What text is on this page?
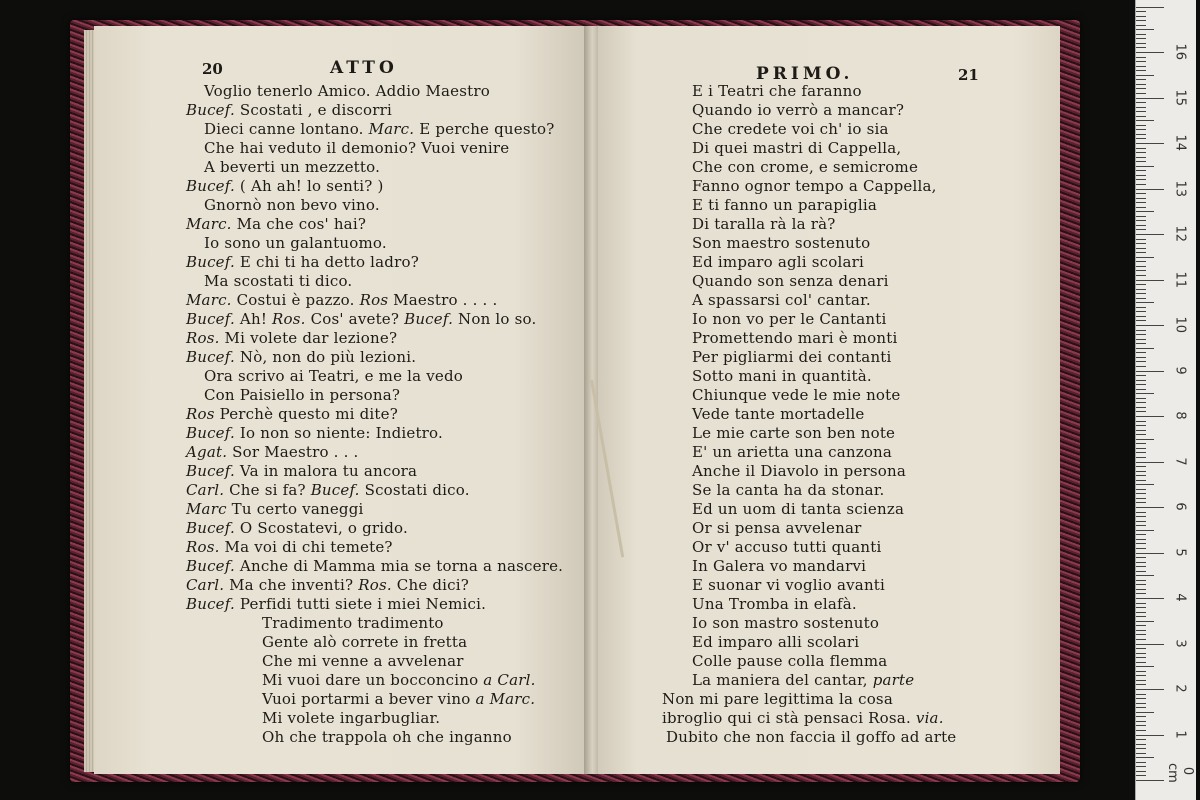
20	ATTO
Voglio tenerlo Amico. Addio Maestro
Bucef. Scostati , e discorri
Dieci canne lontano. Marc. E perche questo?
Che hai veduto il demonio? Vuoi venire
A beverti un mezzetto.
Bucef. ( Ah ah! lo senti? )
Gnornò non bevo vino.
Marc. Ma che cos' hai?
Io sono un galantuomo.
Bucef. E chi ti ha detto ladro?
Ma scostati ti dico.
Marc. Costui è pazzo. Ros Maestro . . . .
Bucef. Ah! Ros. Cos' avete? Bucef. Non lo so.
Ros. Mi volete dar lezione?
Bucef. Nò, non do più lezioni.
Ora scrivo ai Teatri, e me la vedo
Con Paisiello in persona?
Ros Perchè questo mi dite?
Bucef. Io non so niente: Indietro.
Agat. Sor Maestro . . .
Bucef. Va in malora tu ancora
Carl. Che si fa? Bucef. Scostati dico.
Marc Tu certo vaneggi
Bucef. O Scostatevi, o grido.
Ros. Ma voi di chi temete?
Bucef. Anche di Mamma mia se torna a nascere.
Carl. Ma che inventi? Ros. Che dici?
Bucef. Perfidi tutti siete i miei Nemici.
Tradimento tradimento
Gente alò correte in fretta
Che mi venne a avvelenar
Mi vuoi dare un bocconcino a Carl.
Vuoi portarmi a bever vino a Marc.
Mi volete ingarbugliar.
Oh che trappola oh che inganno
PRIMO.	21
E i Teatri che faranno
Quando io verrò a mancar?
Che credete voi ch' io sia
Di quei mastri di Cappella,
Che con crome, e semicrome
Fanno ognor tempo a Cappella,
E ti fanno un parapiglia
Di taralla rà la rà?
Son maestro sostenuto
Ed imparo agli scolari
Quando son senza denari
A spassarsi col' cantar.
Io non vo per le Cantanti
Promettendo mari è monti
Per pigliarmi dei contanti
Sotto mani in quantità.
Chiunque vede le mie note
Vede tante mortadelle
Le mie carte son ben note
E' un arietta una canzona
Anche il Diavolo in persona
Se la canta ha da stonar.
Ed un uom di tanta scienza
Or si pensa avvelenar
Or v' accuso tutti quanti
In Galera vo mandarvi
E suonar vi voglio avanti
Una Tromba in elafà.
Io son mastro sostenuto
Ed imparo alli scolari
Colle pause colla flemma
La maniera del cantar, parte
Non mi pare legittima la cosa
ibroglio qui ci stà pensaci Rosa. via.
Dubito che non faccia il goffo ad arte
0 cm
1
2
3
4
5
6
7
8
9
10
11
12
13
14
15
16
